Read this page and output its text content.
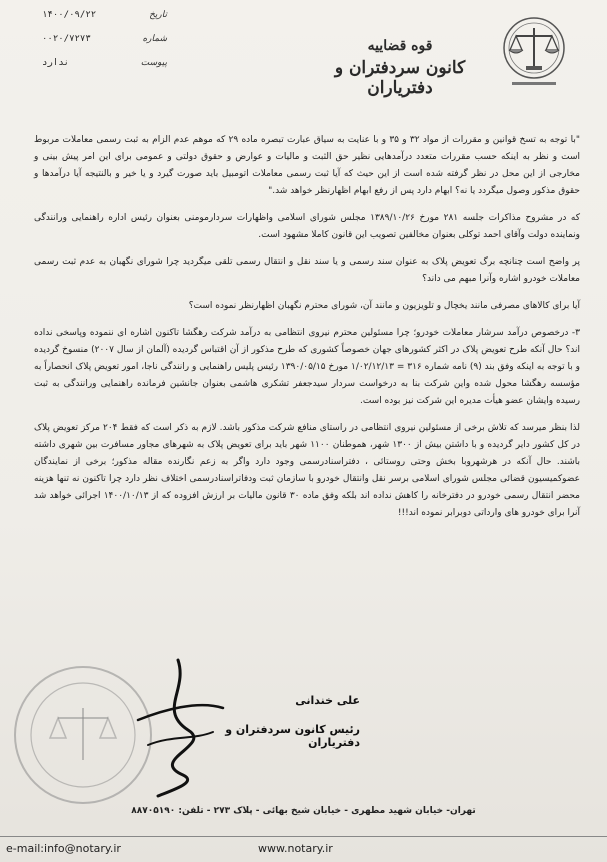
قوه قضاییه
کانون سردفتران و دفترياران
تاریخ
۱۴۰۰/۰۹/۲۲
شماره
۰۰۲۰/۷۲۷۳
پیوست
ندارد

"با توجه به تسخ قوانين و مقررات از مواد ۳۲ و ۳۵ و با عنايت به سياق عبارت تبصره ماده ۲۹ كه موهم عدم الزام به ثبت رسمی معاملات مربوط است و نظر به اينكه حسب مقررات متعدد درآمدهایی نظير حق الثبت و ماليات و عوارض و حقوق دولتی و عمومی برای اين امر پيش بينی و مخارجی از اين محل در نظر گرفته شده است از اين حيث كه آيا ثبت رسمی معاملات اتومبيل بايد صورت گيرد و يا خير و بالنتيجه آيا درآمدها و حقوق مذكور وصول ميگردد يا نه؟ ابهام دارد پس از رفع ابهام اظهارنظر خواهد شد."

كه در مشروح مذاكرات جلسه ۲۸۱ مورخ ۱۳۸۹/۱۰/۲۶ مجلس شورای اسلامی واظهارات سردارمومنی بعنوان رئيس اداره راهنمايی ورانندگی ونماينده دولت وآقای احمد توكلی بعنوان مخالفين تصويب اين قانون كاملا مشهود است.

پر واضح است چنانچه برگ تعويض پلاک به عنوان سند رسمی و يا سند نقل و انتقال رسمی تلقی میگرديد چرا شورای نگهبان به عدم ثبت رسمی معاملات خودرو اشاره وآنرا مبهم می داند؟

آيا برای كالاهای مصرفی مانند يخچال و تلويزيون و مانند آن، شورای محترم نگهبان اظهارنظر نموده است؟

۳- درخصوص درآمد سرشار معاملات خودرو؛ چرا مسئولين محترم نيروی انتظامی به درآمد شركت رهگشا تاكنون اشاره ای ننموده وپاسخی نداده اند؟ حال آنكه طرح تعويض پلاک در اكثر كشورهای جهان خصوصاً كشوری كه طرح مذكور از آن اقتباس گرديده (آلمان از سال ۲۰۰۷) منسوخ گرديده و با توجه به اينكه وفق بند (۹) نامه شماره ۳۱۶ = ۱/۰۲/۱۲/۱۳ مورخ ۱۳۹۰/۰۵/۱۵ رئيس پليس راهنمايی و رانندگی ناجا، امور تعويض پلاک انحصاراً به مؤسسه رهگشا محول شده واين شركت بنا به درخواست سردار سيدجعفر تشكری هاشمی بعنوان جانشين فرمانده راهنمايی ورانندگی به ثبت رسيده وايشان عضو هيأت مديره اين شركت نيز بوده است.

لذا بنظر میرسد كه تلاش برخی از مسئولين نيروی انتظامی در راستای منافع شركت مذكور باشد. لازم به ذكر است كه فقط ۲۰۴ مركز تعويض پلاک در كل كشور داير گرديده و با داشتن بيش از ۱۳۰۰ شهر، هموطنان ۱۱۰۰ شهر بايد برای تعويض پلاک به شهرهای مجاور مسافرت بين شهری داشته باشند. حال آنكه در هرشهروبا بخش وحتی روستائی ، دفتراسنادرسمی وجود دارد واگر به زعم نگارنده مقاله مذكور؛ برخی از نمايندگان عضوكميسيون قضائی مجلس شورای اسلامی برسر نقل وانتقال خودرو با سازمان ثبت ودفاتراسنادرسمی اختلاف نظر دارد چرا تاكنون نه تنها هزينه محضر انتقال رسمی خودرو در دفترخانه را كاهش نداده اند بلكه وفق ماده ۳۰ قانون ماليات بر ارزش افزوده كه از ۱۴۰۰/۱۰/۱۳ اجرائی خواهد شد آنرا برای خودرو های وارداتی دوبرابر نموده اند!!!

علی خندانی
رئيس كانون سردفتران و دفترياران
تهران- خيابان شهيد مطهری - خيابان شيخ بهائی - پلاک ۲۷۳ - تلفن: ۸۸۷۰۵۱۹۰
e-mail:info@notary.ir	www.notary.ir
